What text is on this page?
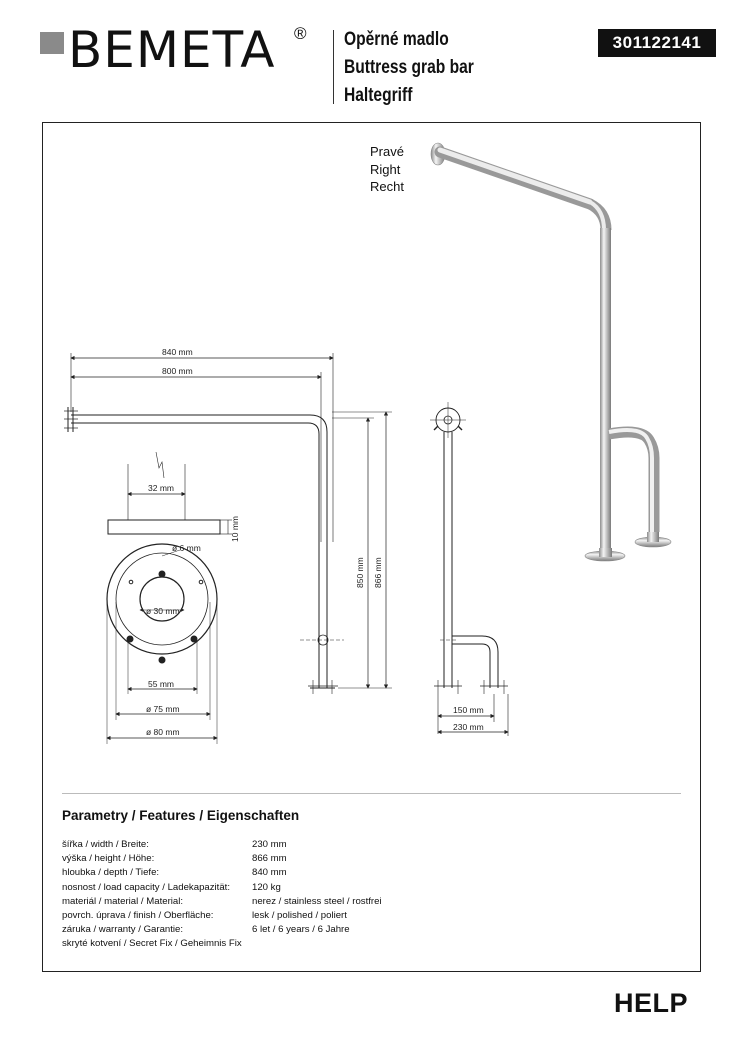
BEMETA ® Opěrné madlo
Buttress grab bar
Haltegriff
301122141
840 mm
800 mm
850 mm 866 mm
150 mm
230 mm
32 mm
10 mm
ø 6 mm
ø 30 mm
55 mm
ø 75 mm
ø 80 mm
Pravé
Right
Recht
Parametry / Features / Eigenschaften
šířka / width / Breite:	230 mm
výška / height / Höhe:	866 mm
hloubka / depth / Tiefe:	840 mm
nosnost / load capacity / Ladekapazität: 120 kg
materiál / material / Material:	nerez / stainless steel / rostfrei
povrch. úprava / finish / Oberfläche:	lesk / polished / poliert
záruka / warranty / Garantie:	6 let / 6 years / 6 Jahre
skryté kotvení / Secret Fix / Geheimnis Fix
HELP
